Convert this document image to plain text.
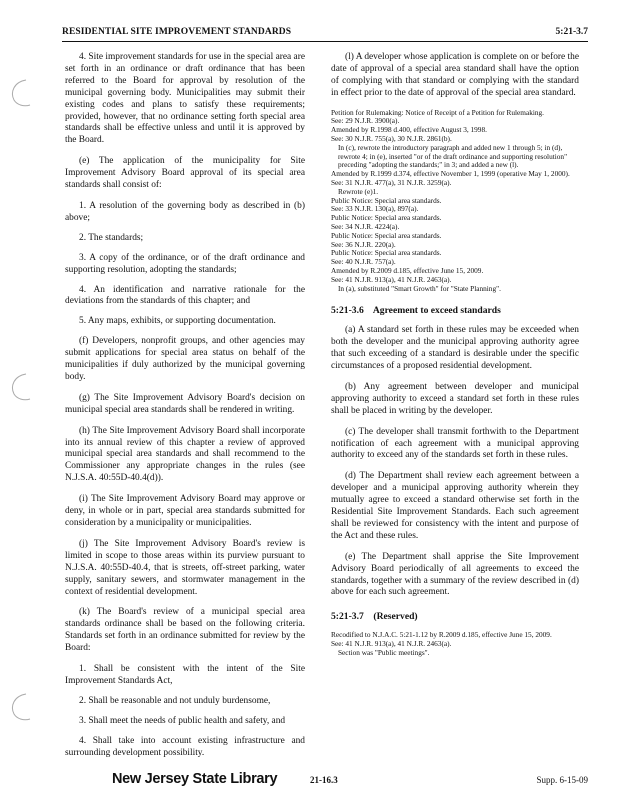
RESIDENTIAL SITE IMPROVEMENT STANDARDS	5:21-3.7

4. Site improvement standards for use in the special area are set forth in an ordinance or draft ordinance that has been referred to the Board for approval by resolution of the municipal governing body. Municipalities may submit their existing codes and plans to satisfy these requirements; provided, however, that no ordinance setting forth special area standards shall be effective unless and until it is approved by the Board.

(e) The application of the municipality for Site Improvement Advisory Board approval of its special area standards shall consist of:

1. A resolution of the governing body as described in (b) above;

2. The standards;

3. A copy of the ordinance, or of the draft ordinance and supporting resolution, adopting the standards;

4. An identification and narrative rationale for the deviations from the standards of this chapter; and

5. Any maps, exhibits, or supporting documentation.

(f) Developers, nonprofit groups, and other agencies may submit applications for special area status on behalf of the municipalities if duly authorized by the municipal governing body.

(g) The Site Improvement Advisory Board's decision on municipal special area standards shall be rendered in writing.

(h) The Site Improvement Advisory Board shall incorporate into its annual review of this chapter a review of approved municipal special area standards and shall recommend to the Commissioner any appropriate changes in the rules (see N.J.S.A. 40:55D-40.4(d)).

(i) The Site Improvement Advisory Board may approve or deny, in whole or in part, special area standards submitted for consideration by a municipality or municipalities.

(j) The Site Improvement Advisory Board's review is limited in scope to those areas within its purview pursuant to N.J.S.A. 40:55D-40.4, that is streets, off-street parking, water supply, sanitary sewers, and stormwater management in the context of residential development.

(k) The Board's review of a municipal special area standards ordinance shall be based on the following criteria. Standards set forth in an ordinance submitted for review by the Board:

1. Shall be consistent with the intent of the Site Improvement Standards Act,

2. Shall be reasonable and not unduly burdensome,

3. Shall meet the needs of public health and safety, and

4. Shall take into account existing infrastructure and surrounding development possibility.

(l) A developer whose application is complete on or before the date of approval of a special area standard shall have the option of complying with that standard or complying with the standard in effect prior to the date of approval of the special area standard.

Petition for Rulemaking: Notice of Receipt of a Petition for Rulemaking.
See: 29 N.J.R. 3900(a).
Amended by R.1998 d.400, effective August 3, 1998.
See: 30 N.J.R. 755(a), 30 N.J.R. 2861(b).
In (c), rewrote the introductory paragraph and added new 1 through 5; in (d), rewrote 4; in (e), inserted "or of the draft ordinance and supporting resolution" preceding "adopting the standards;" in 3; and added a new (l).
Amended by R.1999 d.374, effective November 1, 1999 (operative May 1, 2000).
See: 31 N.J.R. 477(a), 31 N.J.R. 3259(a).
Rewrote (e)1.
Public Notice: Special area standards.
See: 33 N.J.R. 130(a), 897(a).
Public Notice: Special area standards.
See: 34 N.J.R. 4224(a).
Public Notice: Special area standards.
See: 36 N.J.R. 220(a).
Public Notice: Special area standards.
See: 40 N.J.R. 757(a).
Amended by R.2009 d.185, effective June 15, 2009.
See: 41 N.J.R. 913(a), 41 N.J.R. 2463(a).
In (a), substituted "Smart Growth" for "State Planning".
5:21-3.6 Agreement to exceed standards

(a) A standard set forth in these rules may be exceeded when both the developer and the municipal approving authority agree that such exceeding of a standard is desirable under the specific circumstances of a proposed residential development.

(b) Any agreement between developer and municipal approving authority to exceed a standard set forth in these rules shall be placed in writing by the developer.

(c) The developer shall transmit forthwith to the Department notification of each agreement with a municipal approving authority to exceed any of the standards set forth in these rules.

(d) The Department shall review each agreement between a developer and a municipal approving authority wherein they mutually agree to exceed a standard otherwise set forth in the Residential Site Improvement Standards. Each such agreement shall be reviewed for consistency with the intent and purpose of the Act and these rules.

(e) The Department shall apprise the Site Improvement Advisory Board periodically of all agreements to exceed the standards, together with a summary of the review described in (d) above for each such agreement.

5:21-3.7 (Reserved)
Recodified to N.J.A.C. 5:21-1.12 by R.2009 d.185, effective June 15, 2009.
See: 41 N.J.R. 913(a), 41 N.J.R. 2463(a).
Section was "Public meetings".
New Jersey State Library	21-16.3	Supp. 6-15-09
